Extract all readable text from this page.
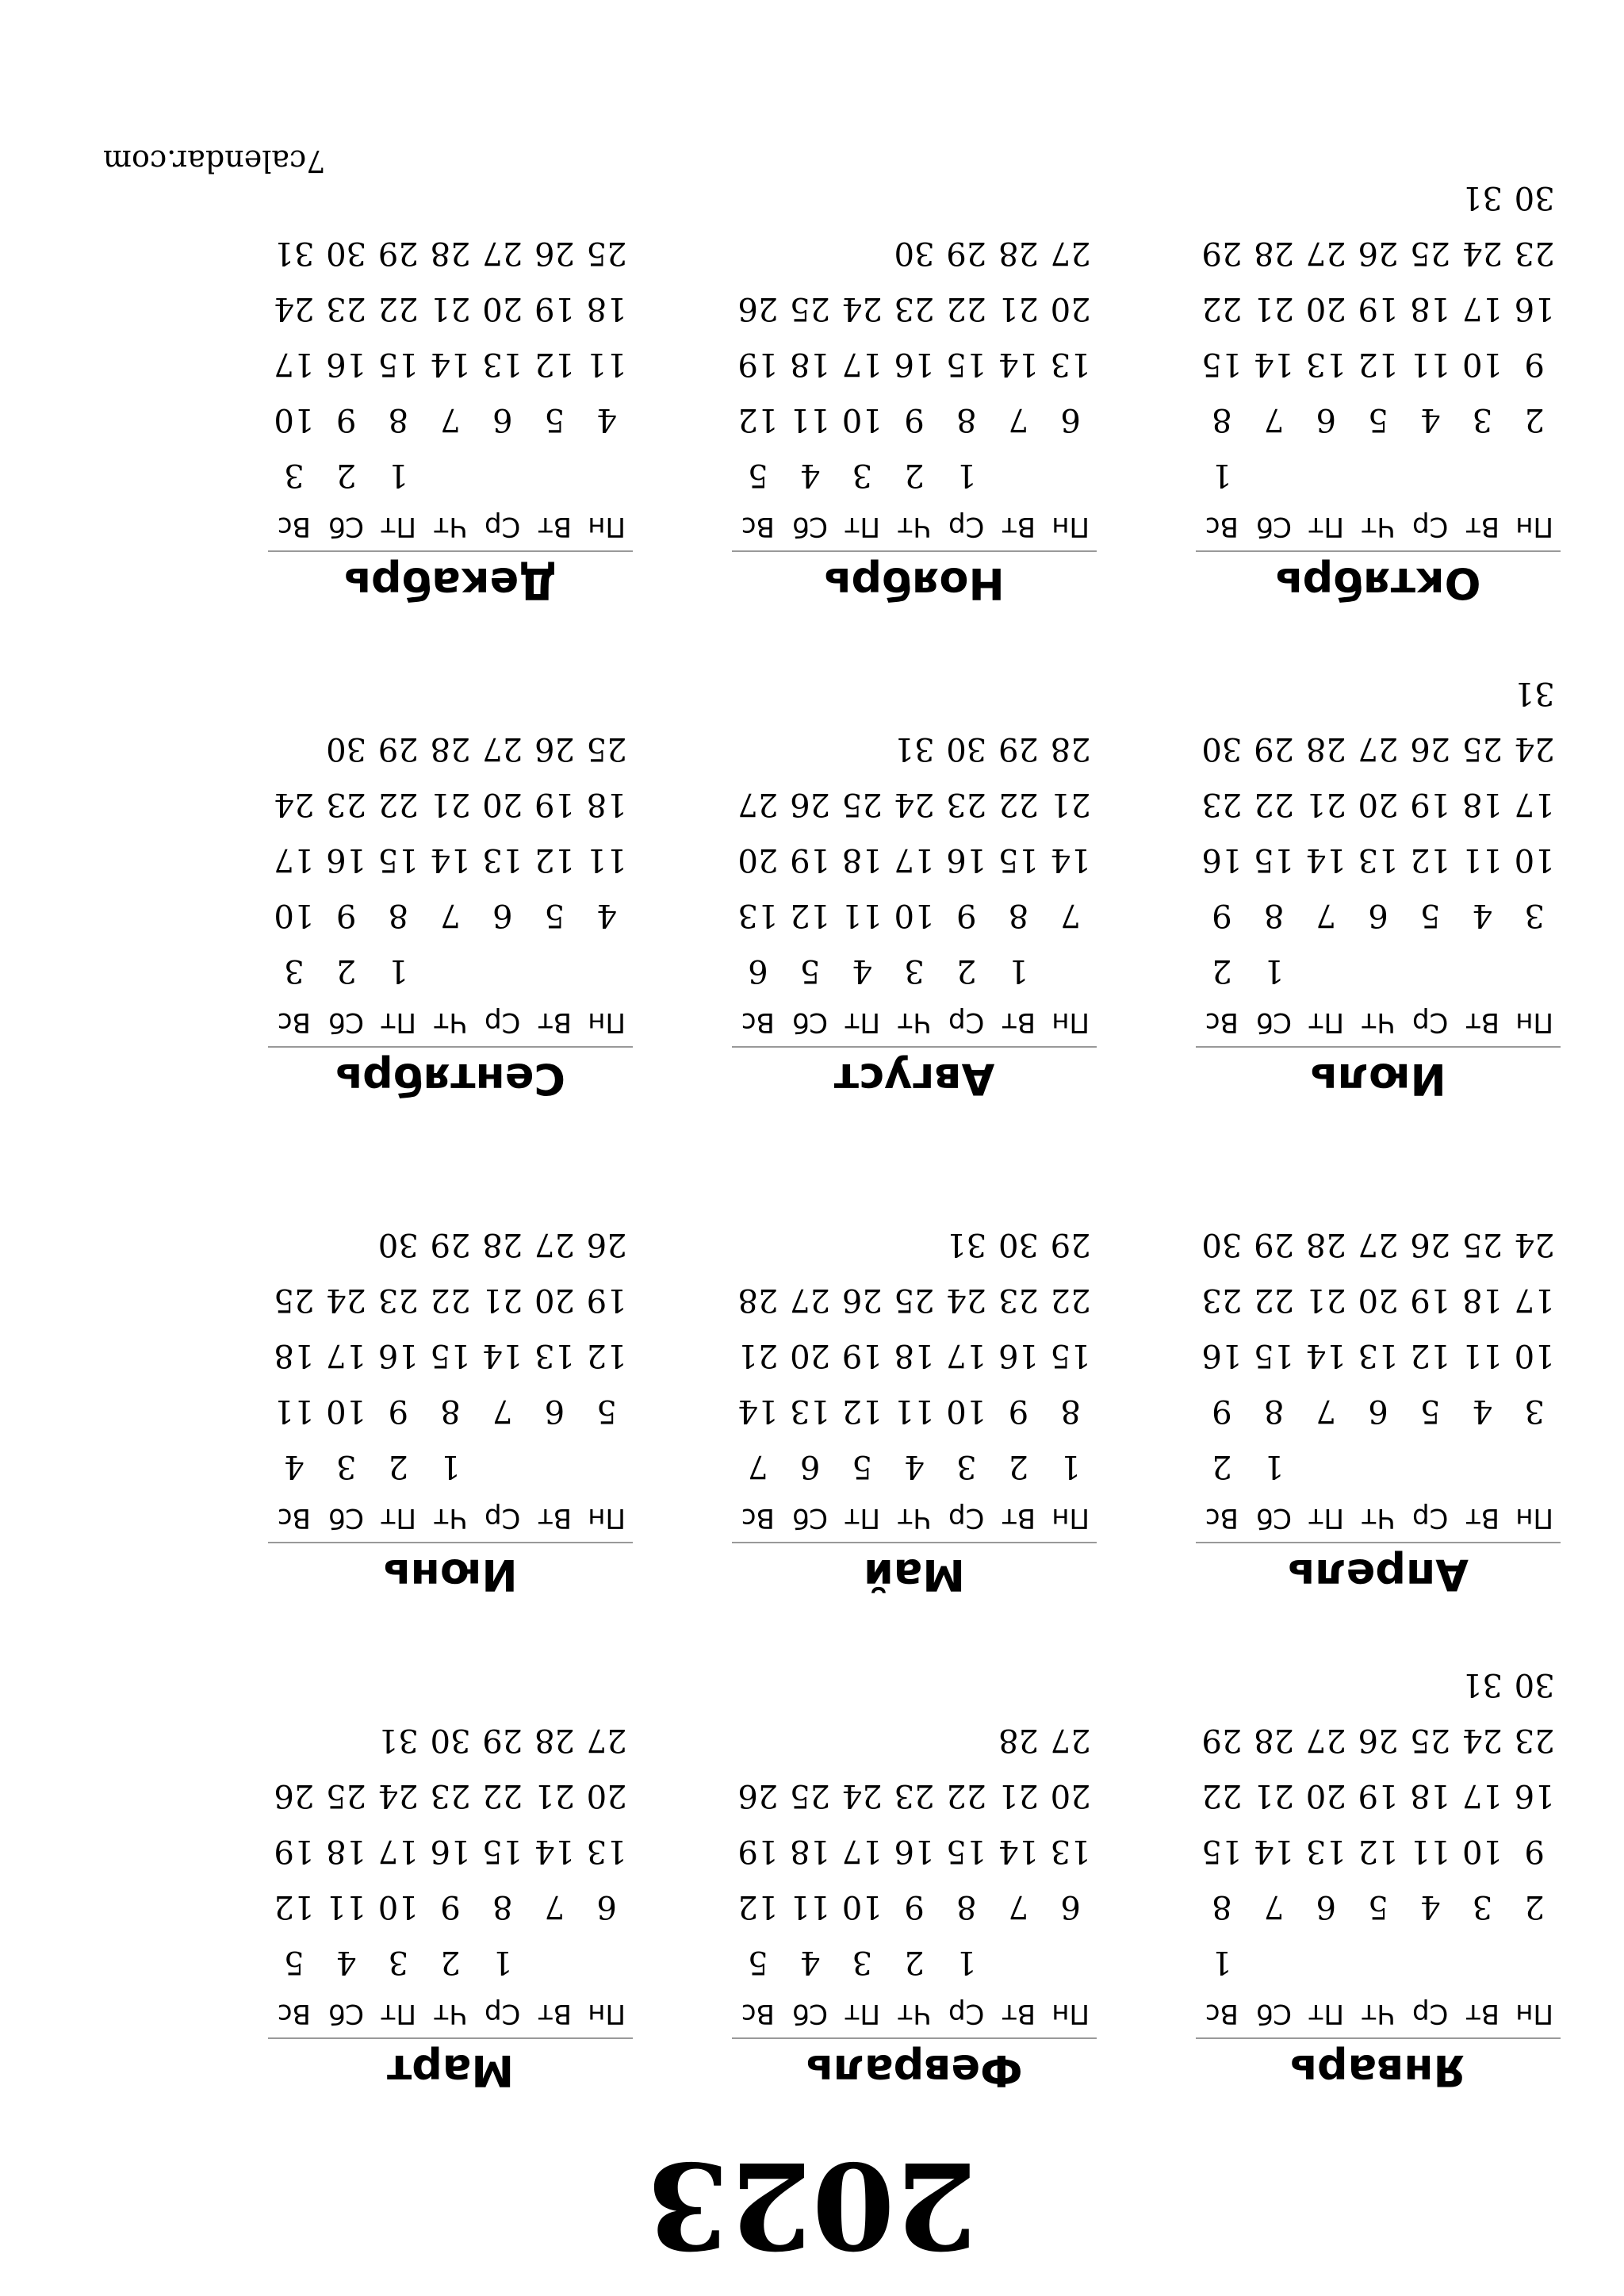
2023
Январь
Пн
Вт
Ср
Чт
Пт
Сб
Вс
1
2
3
4
5
6
7
8
9
10
11
12
13
14
15
16
17
18
19
20
21
22
23
24
25
26
27
28
29
30
31
Февраль
Пн
Вт
Ср
Чт
Пт
Сб
Вс
1
2
3
4
5
6
7
8
9
10
11
12
13
14
15
16
17
18
19
20
21
22
23
24
25
26
27
28
Март
Пн
Вт
Ср
Чт
Пт
Сб
Вс
1
2
3
4
5
6
7
8
9
10
11
12
13
14
15
16
17
18
19
20
21
22
23
24
25
26
27
28
29
30
31
Апрель
Пн
Вт
Ср
Чт
Пт
Сб
Вс
1
2
3
4
5
6
7
8
9
10
11
12
13
14
15
16
17
18
19
20
21
22
23
24
25
26
27
28
29
30
Май
Пн
Вт
Ср
Чт
Пт
Сб
Вс
1
2
3
4
5
6
7
8
9
10
11
12
13
14
15
16
17
18
19
20
21
22
23
24
25
26
27
28
29
30
31
Июнь
Пн
Вт
Ср
Чт
Пт
Сб
Вс
1
2
3
4
5
6
7
8
9
10
11
12
13
14
15
16
17
18
19
20
21
22
23
24
25
26
27
28
29
30
Июль
Пн
Вт
Ср
Чт
Пт
Сб
Вс
1
2
3
4
5
6
7
8
9
10
11
12
13
14
15
16
17
18
19
20
21
22
23
24
25
26
27
28
29
30
31
Август
Пн
Вт
Ср
Чт
Пт
Сб
Вс
1
2
3
4
5
6
7
8
9
10
11
12
13
14
15
16
17
18
19
20
21
22
23
24
25
26
27
28
29
30
31
Сентябрь
Пн
Вт
Ср
Чт
Пт
Сб
Вс
1
2
3
4
5
6
7
8
9
10
11
12
13
14
15
16
17
18
19
20
21
22
23
24
25
26
27
28
29
30
Октябрь
Пн
Вт
Ср
Чт
Пт
Сб
Вс
1
2
3
4
5
6
7
8
9
10
11
12
13
14
15
16
17
18
19
20
21
22
23
24
25
26
27
28
29
30
31
Ноябрь
Пн
Вт
Ср
Чт
Пт
Сб
Вс
1
2
3
4
5
6
7
8
9
10
11
12
13
14
15
16
17
18
19
20
21
22
23
24
25
26
27
28
29
30
Декабрь
Пн
Вт
Ср
Чт
Пт
Сб
Вс
1
2
3
4
5
6
7
8
9
10
11
12
13
14
15
16
17
18
19
20
21
22
23
24
25
26
27
28
29
30
31
7calendar.com
